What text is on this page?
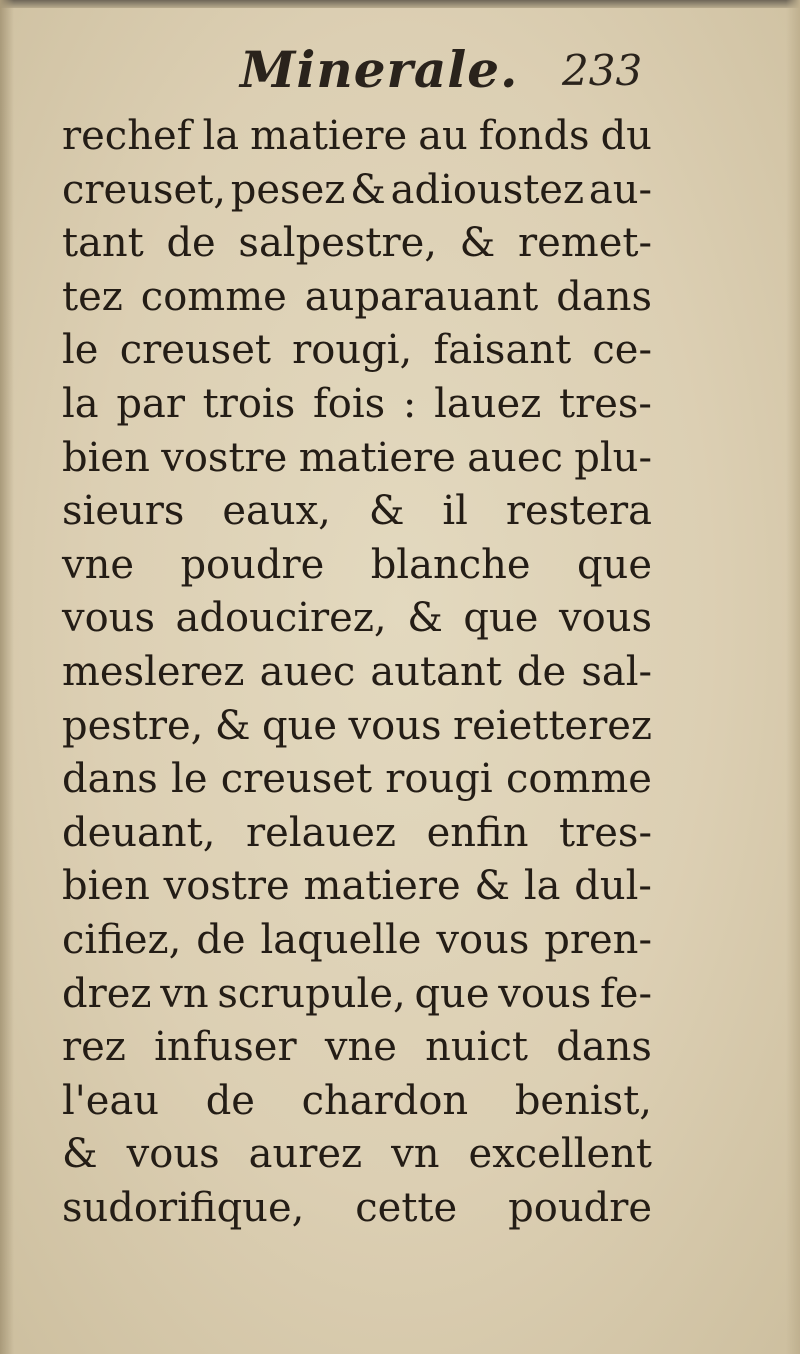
Minerale. 233
rechef la matiere au fonds du
creuset, pesez & adioustez au-
tant de salpestre, & remet-
tez comme auparauant dans
le creuset rougi, faisant ce-
la par trois fois : lauez tres-
bien vostre matiere auec plu-
sieurs eaux, & il restera
vne poudre blanche que
vous adoucirez, & que vous
meslerez auec autant de sal-
pestre, & que vous reietterez
dans le creuset rougi comme
deuant, relauez enfin tres-
bien vostre matiere & la dul-
cifiez, de laquelle vous pren-
drez vn scrupule, que vous fe-
rez infuser vne nuict dans
l'eau de chardon benist,
& vous aurez vn excellent
sudorifique, cette poudre
